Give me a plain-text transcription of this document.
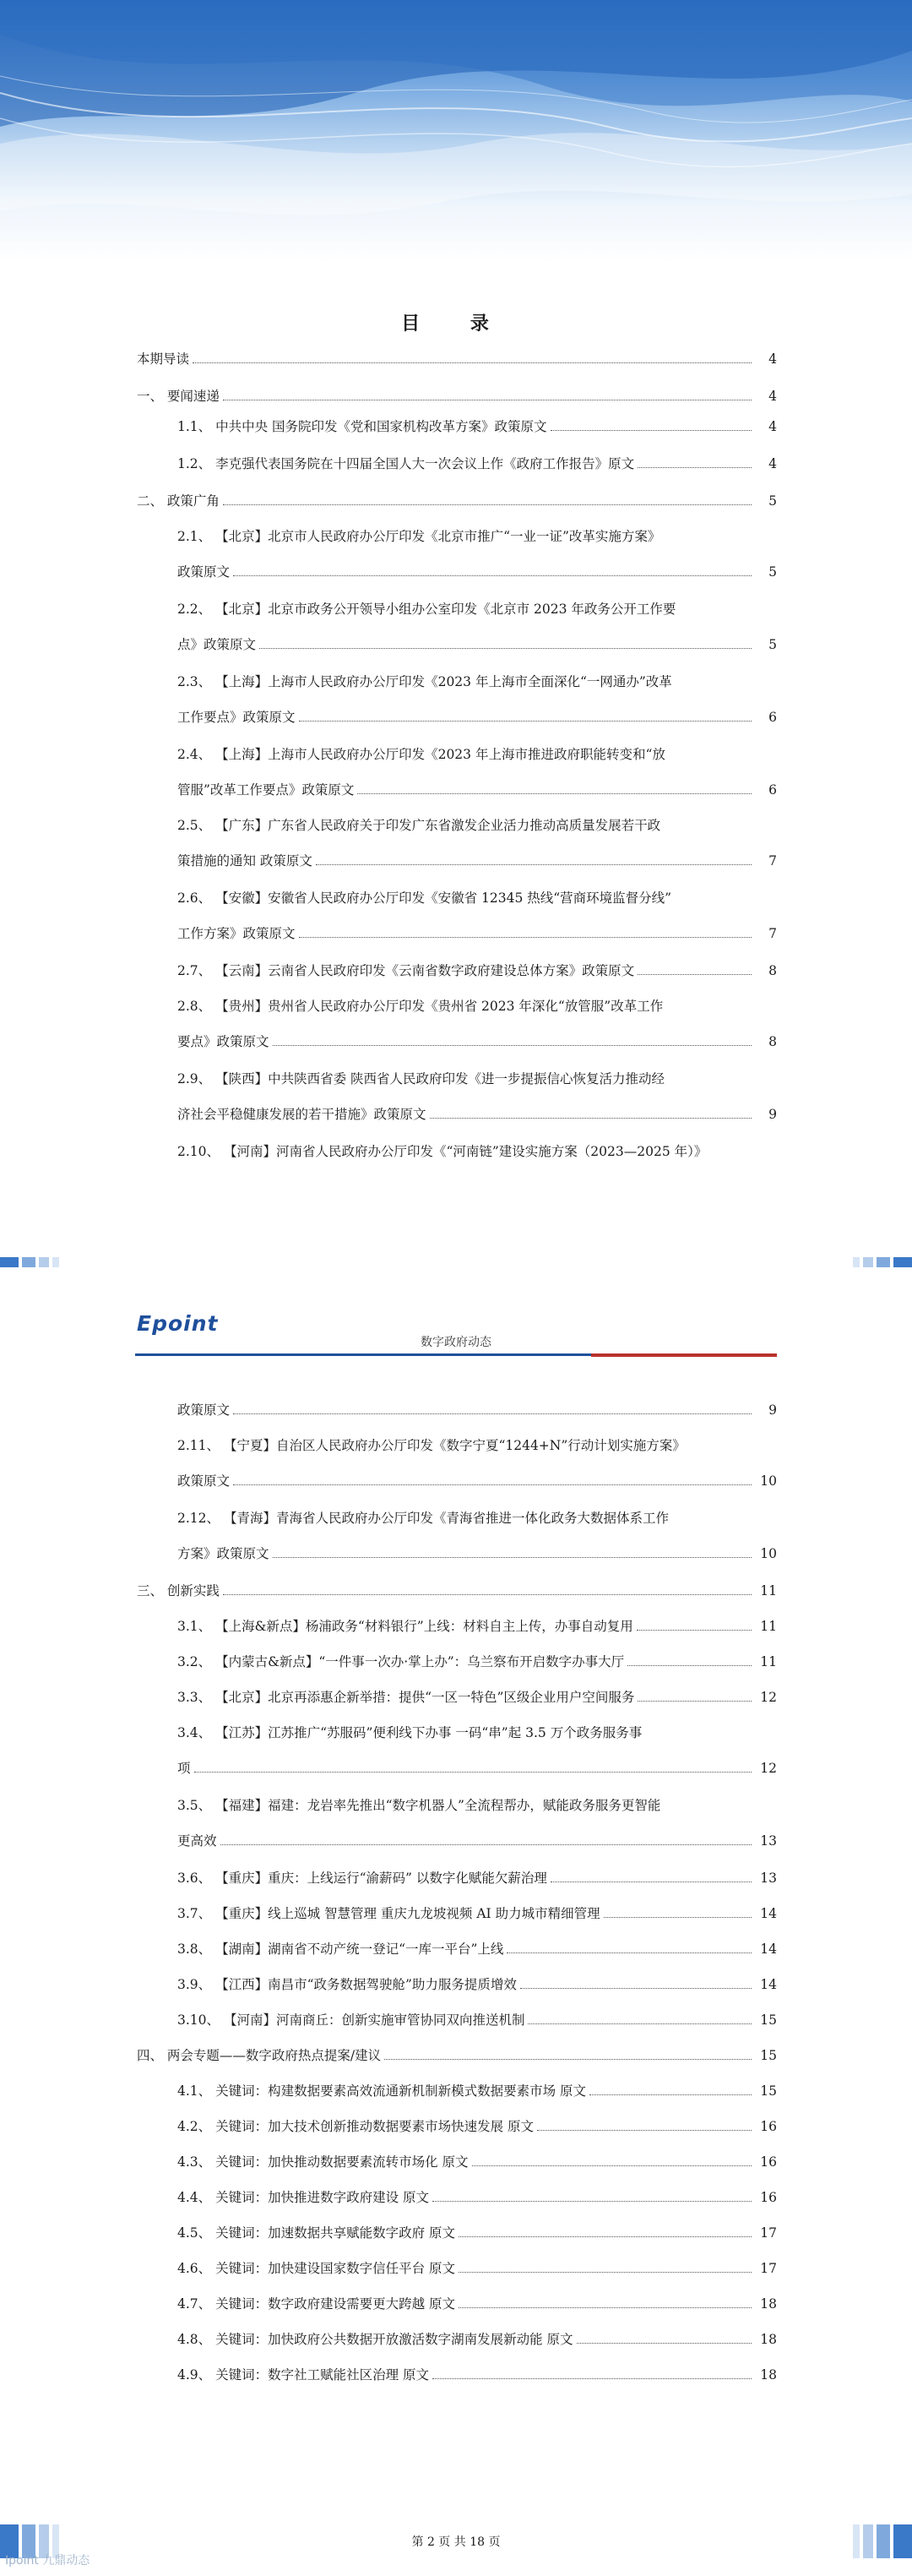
目 录
本期导读	4
一、 要闻速递	4
1.1、 中共中央 国务院印发《党和国家机构改革方案》政策原文	4
1.2、 李克强代表国务院在十四届全国人大一次会议上作《政府工作报告》原文	4
二、 政策广角	5
2.1、 【北京】北京市人民政府办公厅印发《北京市推广“一业一证”改革实施方案》
政策原文	5
2.2、 【北京】北京市政务公开领导小组办公室印发《北京市 2023 年政务公开工作要
点》政策原文	5
2.3、 【上海】上海市人民政府办公厅印发《2023 年上海市全面深化“一网通办”改革
工作要点》政策原文	6
2.4、 【上海】上海市人民政府办公厅印发《2023 年上海市推进政府职能转变和“放
管服”改革工作要点》政策原文	6
2.5、 【广东】广东省人民政府关于印发广东省激发企业活力推动高质量发展若干政
策措施的通知 政策原文	7
2.6、 【安徽】安徽省人民政府办公厅印发《安徽省 12345 热线“营商环境监督分线”
工作方案》政策原文	7
2.7、 【云南】云南省人民政府印发《云南省数字政府建设总体方案》政策原文	8
2.8、 【贵州】贵州省人民政府办公厅印发《贵州省 2023 年深化“放管服”改革工作
要点》政策原文	8
2.9、 【陕西】中共陕西省委 陕西省人民政府印发《进一步提振信心恢复活力推动经
济社会平稳健康发展的若干措施》政策原文	9
2.10、 【河南】河南省人民政府办公厅印发《“河南链”建设实施方案（2023—2025 年）》
Epoint
数字政府动态
政策原文	9
2.11、 【宁夏】自治区人民政府办公厅印发《数字宁夏“1244+N”行动计划实施方案》
政策原文	10
2.12、 【青海】青海省人民政府办公厅印发《青海省推进一体化政务大数据体系工作
方案》政策原文	10
三、 创新实践	11
3.1、 【上海&新点】杨浦政务“材料银行”上线：材料自主上传，办事自动复用	11
3.2、 【内蒙古&新点】“一件事一次办·掌上办”：乌兰察布开启数字办事大厅	11
3.3、 【北京】北京再添惠企新举措：提供“一区一特色”区级企业用户空间服务	12
3.4、 【江苏】江苏推广“苏服码”便利线下办事 一码“串”起 3.5 万个政务服务事
项	12
3.5、 【福建】福建：龙岩率先推出“数字机器人”全流程帮办，赋能政务服务更智能
更高效	13
3.6、 【重庆】重庆：上线运行“渝薪码” 以数字化赋能欠薪治理	13
3.7、 【重庆】线上巡城 智慧管理 重庆九龙坡视频 AI 助力城市精细管理	14
3.8、 【湖南】湖南省不动产统一登记“一库一平台”上线	14
3.9、 【江西】南昌市“政务数据驾驶舱”助力服务提质增效	14
3.10、 【河南】河南商丘：创新实施审管协同双向推送机制	15
四、 两会专题——数字政府热点提案/建议	15
4.1、 关键词：构建数据要素高效流通新机制新模式数据要素市场 原文	15
4.2、 关键词：加大技术创新推动数据要素市场快速发展 原文	16
4.3、 关键词：加快推动数据要素流转市场化 原文	16
4.4、 关键词：加快推进数字政府建设 原文	16
4.5、 关键词：加速数据共享赋能数字政府 原文	17
4.6、 关键词：加快建设国家数字信任平台 原文	17
4.7、 关键词：数字政府建设需要更大跨越 原文	18
4.8、 关键词：加快政府公共数据开放激活数字湖南发展新动能 原文	18
4.9、 关键词：数字社工赋能社区治理 原文	18
第 2 页 共 18 页
Ipoint 九鼎动态
